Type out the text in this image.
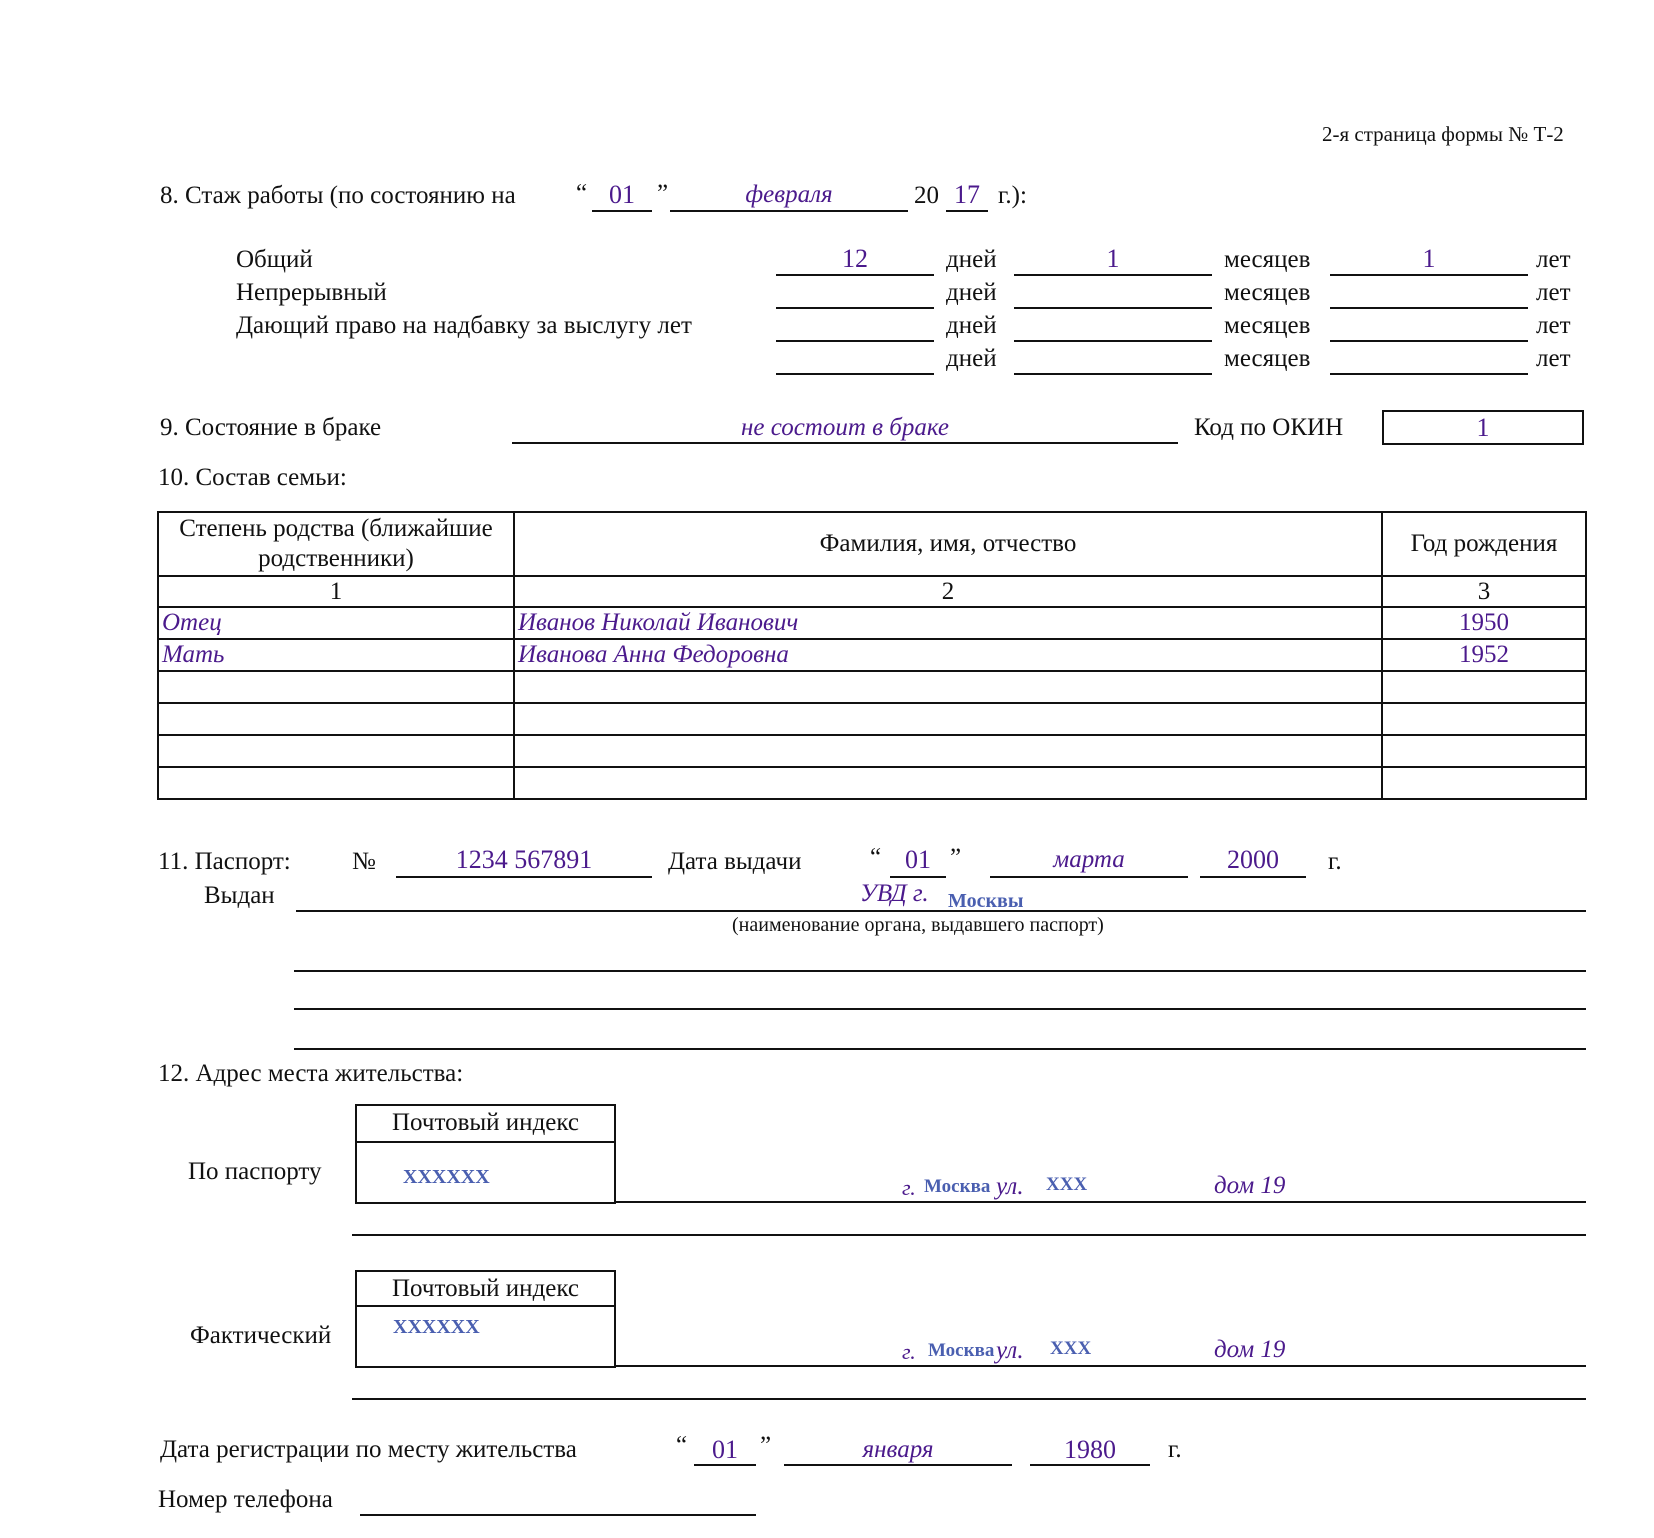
2-я страница формы № Т-2
8. Стаж работы (по состоянию на “ 01 ”	февраля	20 17 г.):
Общий	12	дней	1	месяцев	1	лет
Непрерывный	дней	месяцев	лет
Дающий право на надбавку за выслугу лет	дней	месяцев	лет
дней	месяцев	лет
9. Состояние в браке	не состоит в браке	Код по ОКИН	1
10. Состав семьи:
Степень родства (ближайшие родственники)	Фамилия, имя, отчество	Год рождения
1	2	3
Отец	Иванов Николай Иванович	1950
Мать	Иванова Анна Федоровна	1952

11. Паспорт: №	1234 567891	Дата выдачи	“ 01 ”	марта	2000	г.
Выдан	УВД г. Москвы
(наименование органа, выдавшего паспорт)
12. Адрес места жительства:
По паспорту
Почтовый индекс
XXXXXX	г. Москва ул. XXX	дом 19
Фактический
Почтовый индекс
XXXXXX
г. Москва ул. XXX	дом 19
Дата регистрации по месту жительства	“ 01 ”	января	1980	г.
Номер телефона
